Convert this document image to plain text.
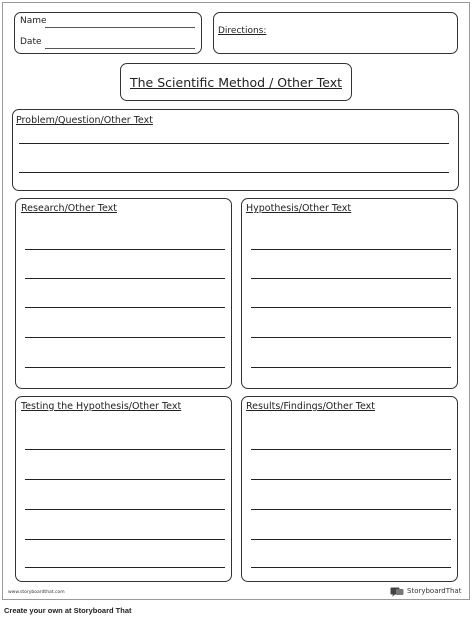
Name
Date
Directions:
The Scientific Method / Other Text
Problem/Question/Other Text
Research/Other Text	Hypothesis/Other Text
Testing the Hypothesis/Other Text	Results/Findings/Other Text
www.storyboardthat.com	StoryboardThat
Create your own at Storyboard That
